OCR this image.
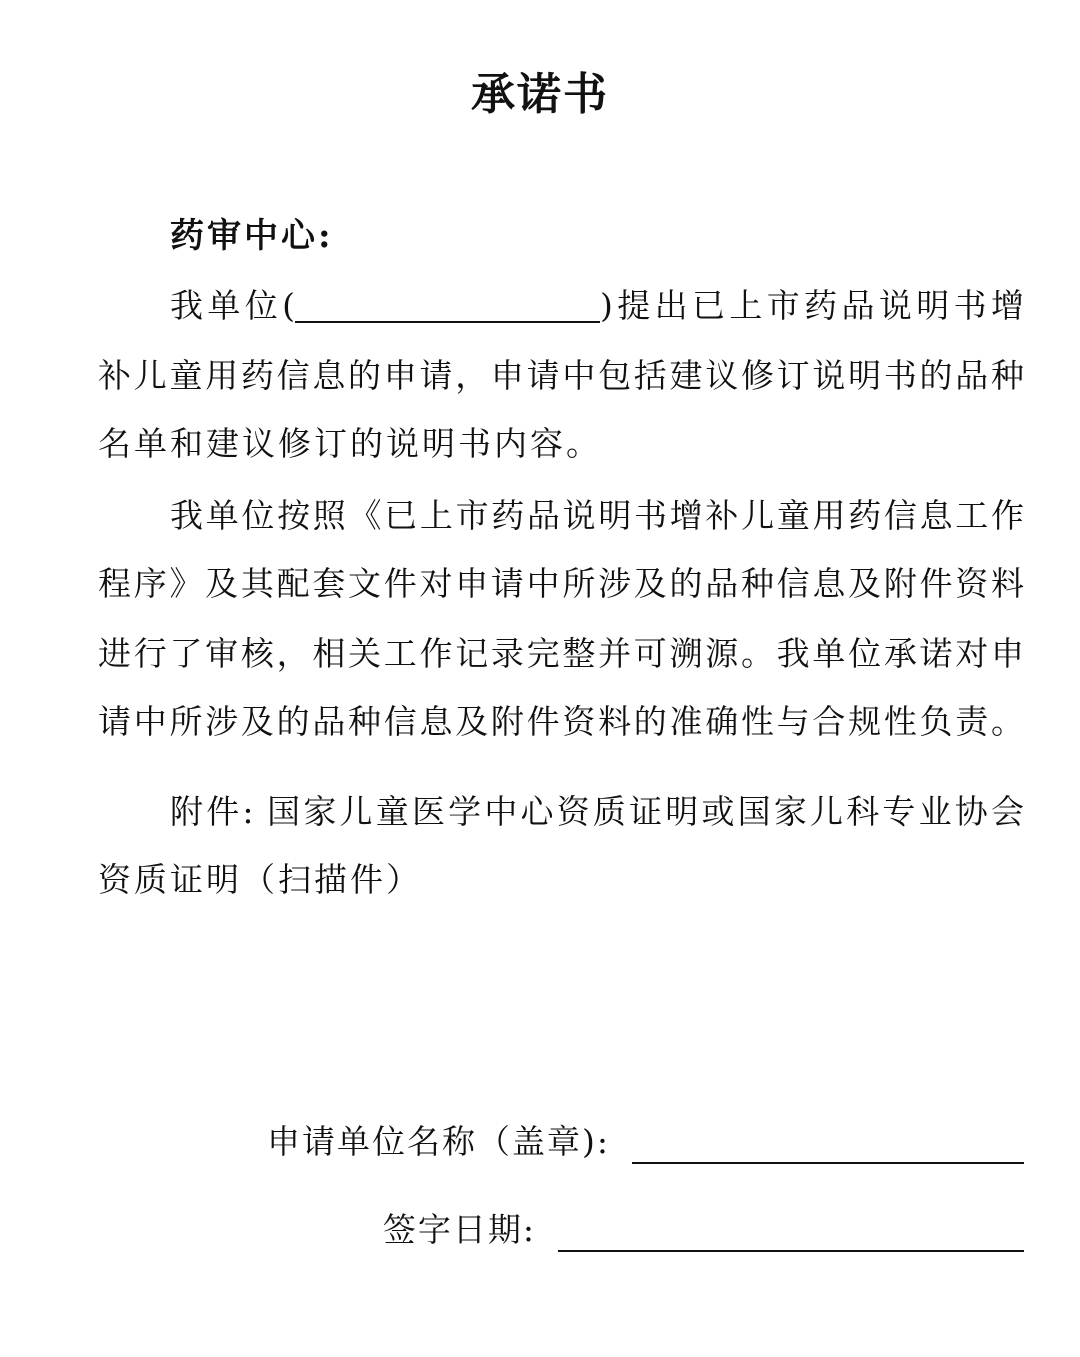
承诺书
药审中心:
我单位(	)提出已上市药品说明书增
补儿童用药信息的申请，申请中包括建议修订说明书的品种
名单和建议修订的说明书内容。
我单位按照《已上市药品说明书增补儿童用药信息工作
程序》及其配套文件对申请中所涉及的品种信息及附件资料
进行了审核，相关工作记录完整并可溯源。我单位承诺对申
请中所涉及的品种信息及附件资料的准确性与合规性负责。
附件: 国家儿童医学中心资质证明或国家儿科专业协会
资质证明（扫描件）
申请单位名称（盖章):
签字日期:
